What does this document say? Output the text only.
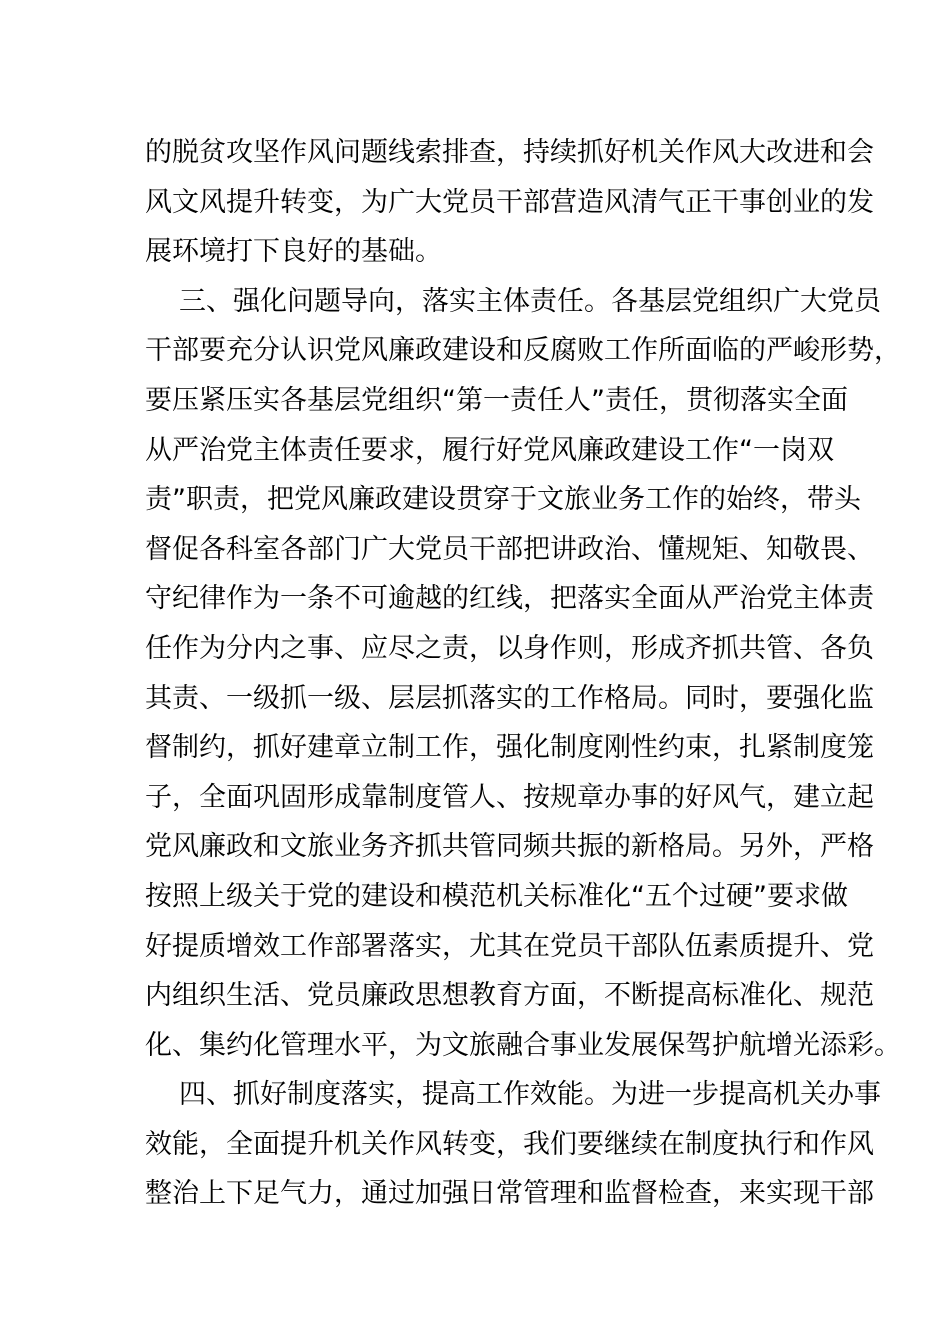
的脱贫攻坚作风问题线索排查，持续抓好机关作风大改进和会
风文风提升转变，为广大党员干部营造风清气正干事创业的发
展环境打下良好的基础。
三、强化问题导向，落实主体责任。各基层党组织广大党员
干部要充分认识党风廉政建设和反腐败工作所面临的严峻形势，
要压紧压实各基层党组织“第一责任人”责任，贯彻落实全面
从严治党主体责任要求，履行好党风廉政建设工作“一岗双
责”职责，把党风廉政建设贯穿于文旅业务工作的始终，带头
督促各科室各部门广大党员干部把讲政治、懂规矩、知敬畏、
守纪律作为一条不可逾越的红线，把落实全面从严治党主体责
任作为分内之事、应尽之责，以身作则，形成齐抓共管、各负
其责、一级抓一级、层层抓落实的工作格局。同时，要强化监
督制约，抓好建章立制工作，强化制度刚性约束，扎紧制度笼
子，全面巩固形成靠制度管人、按规章办事的好风气，建立起
党风廉政和文旅业务齐抓共管同频共振的新格局。另外，严格
按照上级关于党的建设和模范机关标准化“五个过硬”要求做
好提质增效工作部署落实，尤其在党员干部队伍素质提升、党
内组织生活、党员廉政思想教育方面，不断提高标准化、规范
化、集约化管理水平，为文旅融合事业发展保驾护航增光添彩。
四、抓好制度落实，提高工作效能。为进一步提高机关办事
效能，全面提升机关作风转变，我们要继续在制度执行和作风
整治上下足气力，通过加强日常管理和监督检查，来实现干部
